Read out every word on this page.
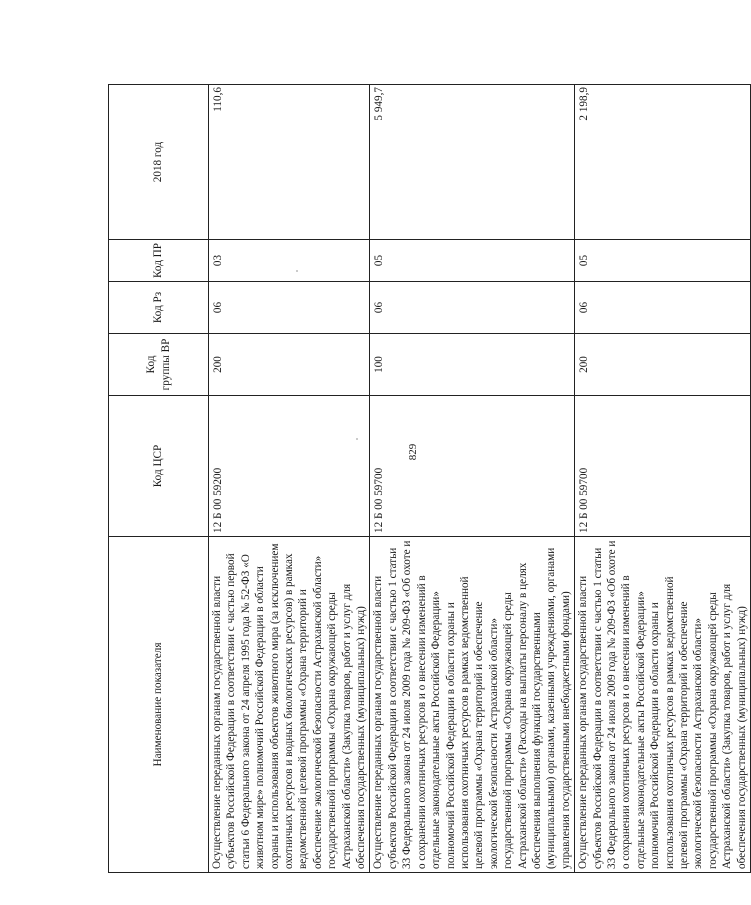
829
Наименование показателя	Код ЦСР	Код группы ВР	Код Рз	Код ПР	2018 год
Осуществление переданных органам государственной власти субъектов Российской Федерации в соответствии с частью первой статьи 6 Федерального закона от 24 апреля 1995 года № 52-ФЗ «О животном мире» полномочий Российской Федерации в области охраны и использования объектов животного мира (за исключением охотничьих ресурсов и водных биологических ресурсов) в рамках ведомственной целевой программы «Охрана территорий и обеспечение экологической безопасности Астраханской области» государственной программы «Охрана окружающей среды Астраханской области» (Закупка товаров, работ и услуг для обеспечения государственных (муниципальных) нужд)	12 Б 00 59200	200	06	03	110,6
Осуществление переданных органам государственной власти субъектов Российской Федерации в соответствии с частью 1 статьи 33 Федерального закона от 24 июля 2009 года № 209-ФЗ «Об охоте и о сохранении охотничьих ресурсов и о внесении изменений в отдельные законодательные акты Российской Федерации» полномочий Российской Федерации в области охраны и использования охотничьих ресурсов в рамках ведомственной целевой программы «Охрана территорий и обеспечение экологической безопасности Астраханской области» государственной программы «Охрана окружающей среды Астраханской области» (Расходы на выплаты персоналу в целях обеспечения выполнения функций государственными (муниципальными) органами, казенными учреждениями, органами управления государственными внебюджетными фондами)	12 Б 00 59700	100	06	05	5 949,7
Осуществление переданных органам государственной власти субъектов Российской Федерации в соответствии с частью 1 статьи 33 Федерального закона от 24 июля 2009 года № 209-ФЗ «Об охоте и о сохранении охотничьих ресурсов и о внесении изменений в отдельные законодательные акты Российской Федерации» полномочий Российской Федерации в области охраны и использования охотничьих ресурсов в рамках ведомственной целевой программы «Охрана территорий и обеспечение экологической безопасности Астраханской области» государственной программы «Охрана окружающей среды Астраханской области» (Закупка товаров, работ и услуг для обеспечения государственных (муниципальных) нужд)	12 Б 00 59700	200	06	05	2 198,9
